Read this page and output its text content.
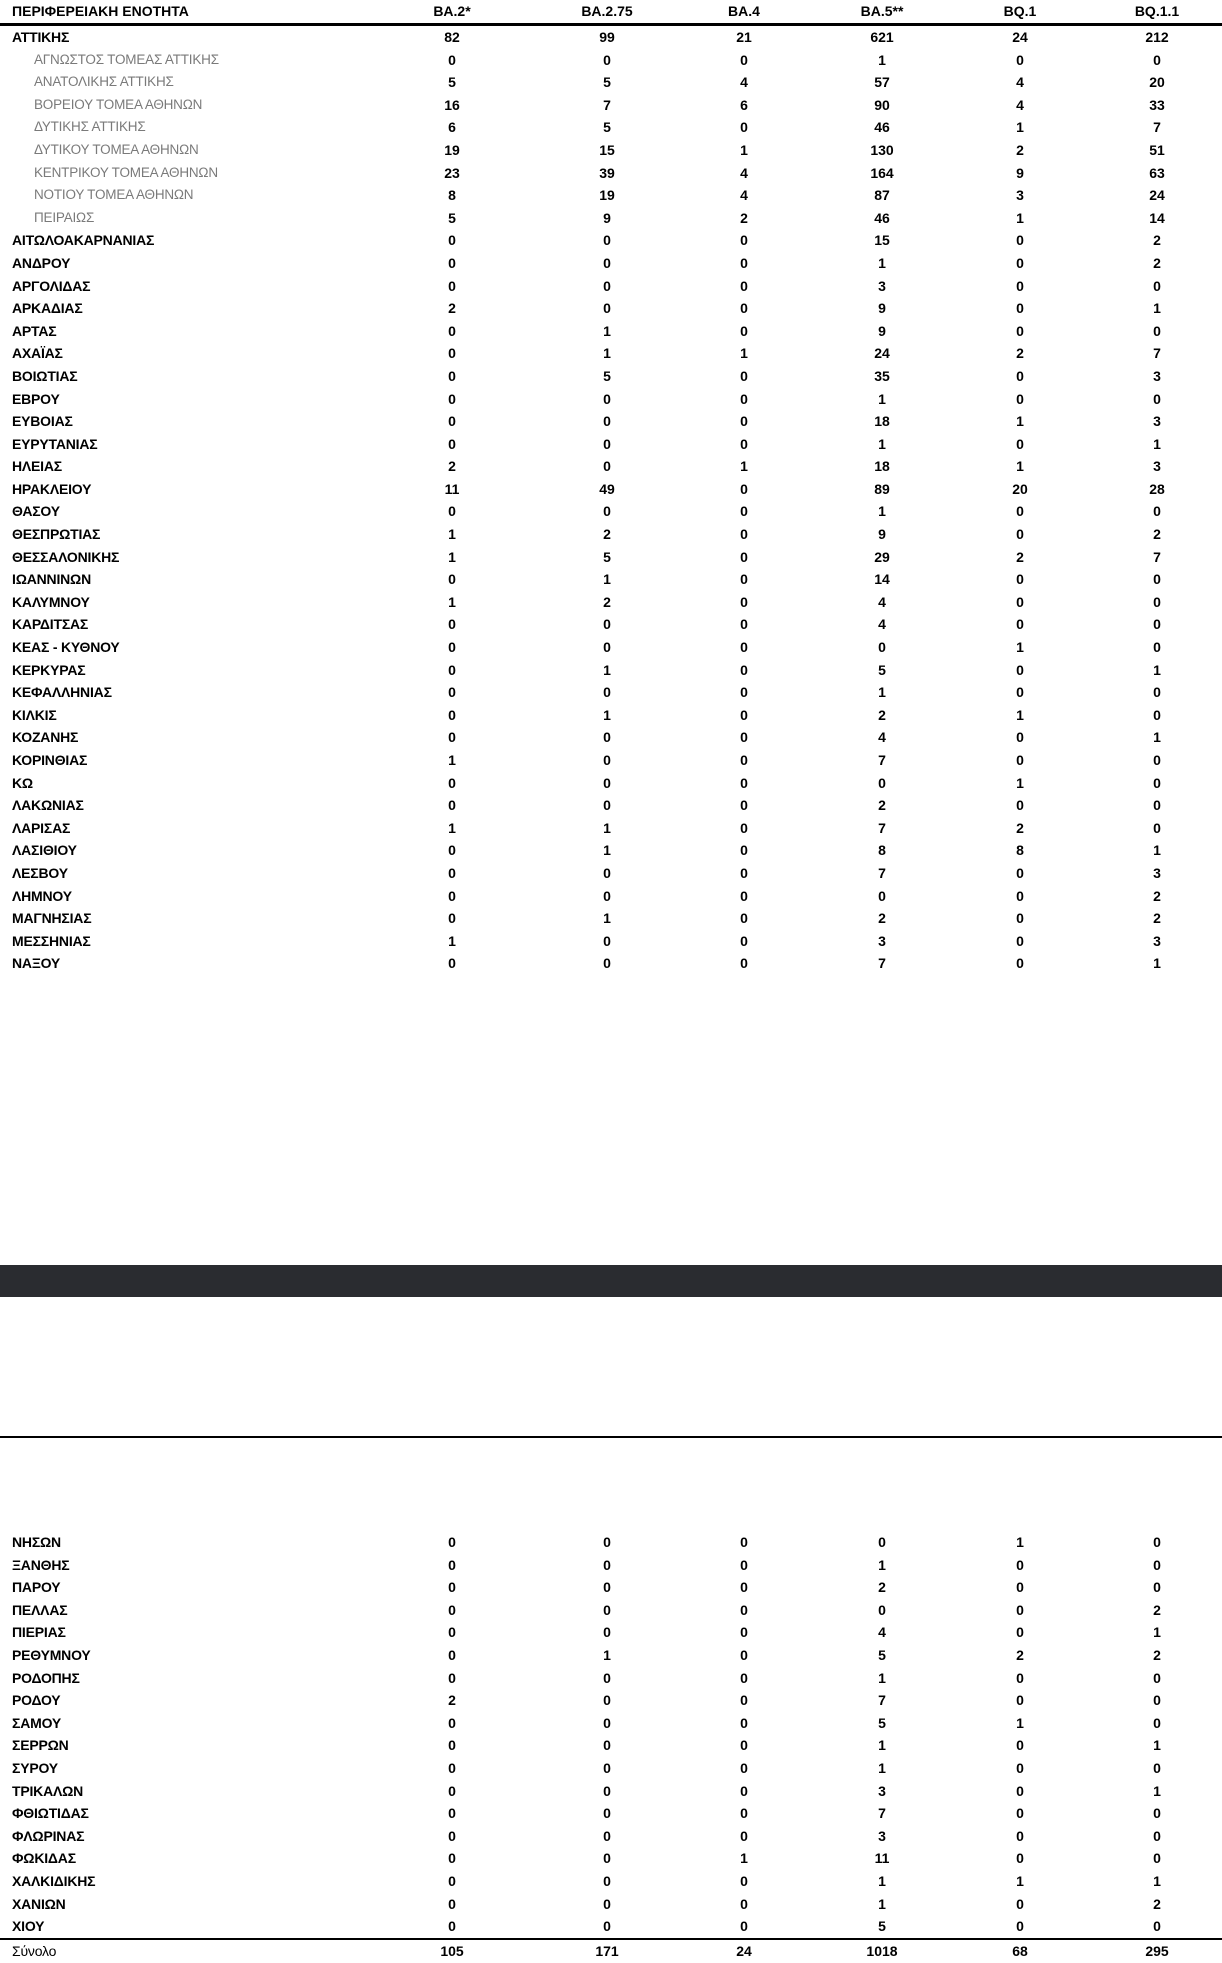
ΠΕΡΙΦΕΡΕΙΑΚΗ ΕΝΟΤΗΤΑ	BA.2*	BA.2.75	BA.4	BA.5**	BQ.1	BQ.1.1
ΑΤΤΙΚΗΣ	82	99	21	621	24	212
ΑΓΝΩΣΤΟΣ ΤΟΜΕΑΣ ΑΤΤΙΚΗΣ	0	0	0	1	0	0
ΑΝΑΤΟΛΙΚΗΣ ΑΤΤΙΚΗΣ	5	5	4	57	4	20
ΒΟΡΕΙΟΥ ΤΟΜΕΑ ΑΘΗΝΩΝ	16	7	6	90	4	33
ΔΥΤΙΚΗΣ ΑΤΤΙΚΗΣ	6	5	0	46	1	7
ΔΥΤΙΚΟΥ ΤΟΜΕΑ ΑΘΗΝΩΝ	19	15	1	130	2	51
ΚΕΝΤΡΙΚΟΥ ΤΟΜΕΑ ΑΘΗΝΩΝ	23	39	4	164	9	63
ΝΟΤΙΟΥ ΤΟΜΕΑ ΑΘΗΝΩΝ	8	19	4	87	3	24
ΠΕΙΡΑΙΩΣ	5	9	2	46	1	14
ΑΙΤΩΛΟΑΚΑΡΝΑΝΙΑΣ	0	0	0	15	0	2
ΑΝΔΡΟΥ	0	0	0	1	0	2
ΑΡΓΟΛΙΔΑΣ	0	0	0	3	0	0
ΑΡΚΑΔΙΑΣ	2	0	0	9	0	1
ΑΡΤΑΣ	0	1	0	9	0	0
ΑΧΑΪΑΣ	0	1	1	24	2	7
ΒΟΙΩΤΙΑΣ	0	5	0	35	0	3
ΕΒΡΟΥ	0	0	0	1	0	0
ΕΥΒΟΙΑΣ	0	0	0	18	1	3
ΕΥΡΥΤΑΝΙΑΣ	0	0	0	1	0	1
ΗΛΕΙΑΣ	2	0	1	18	1	3
ΗΡΑΚΛΕΙΟΥ	11	49	0	89	20	28
ΘΑΣΟΥ	0	0	0	1	0	0
ΘΕΣΠΡΩΤΙΑΣ	1	2	0	9	0	2
ΘΕΣΣΑΛΟΝΙΚΗΣ	1	5	0	29	2	7
ΙΩΑΝΝΙΝΩΝ	0	1	0	14	0	0
ΚΑΛΥΜΝΟΥ	1	2	0	4	0	0
ΚΑΡΔΙΤΣΑΣ	0	0	0	4	0	0
ΚΕΑΣ - ΚΥΘΝΟΥ	0	0	0	0	1	0
ΚΕΡΚΥΡΑΣ	0	1	0	5	0	1
ΚΕΦΑΛΛΗΝΙΑΣ	0	0	0	1	0	0
ΚΙΛΚΙΣ	0	1	0	2	1	0
ΚΟΖΑΝΗΣ	0	0	0	4	0	1
ΚΟΡΙΝΘΙΑΣ	1	0	0	7	0	0
ΚΩ	0	0	0	0	1	0
ΛΑΚΩΝΙΑΣ	0	0	0	2	0	0
ΛΑΡΙΣΑΣ	1	1	0	7	2	0
ΛΑΣΙΘΙΟΥ	0	1	0	8	8	1
ΛΕΣΒΟΥ	0	0	0	7	0	3
ΛΗΜΝΟΥ	0	0	0	0	0	2
ΜΑΓΝΗΣΙΑΣ	0	1	0	2	0	2
ΜΕΣΣΗΝΙΑΣ	1	0	0	3	0	3
ΝΑΞΟΥ	0	0	0	7	0	1
ΝΗΣΩΝ	0	0	0	0	1	0
ΞΑΝΘΗΣ	0	0	0	1	0	0
ΠΑΡΟΥ	0	0	0	2	0	0
ΠΕΛΛΑΣ	0	0	0	0	0	2
ΠΙΕΡΙΑΣ	0	0	0	4	0	1
ΡΕΘΥΜΝΟΥ	0	1	0	5	2	2
ΡΟΔΟΠΗΣ	0	0	0	1	0	0
ΡΟΔΟΥ	2	0	0	7	0	0
ΣΑΜΟΥ	0	0	0	5	1	0
ΣΕΡΡΩΝ	0	0	0	1	0	1
ΣΥΡΟΥ	0	0	0	1	0	0
ΤΡΙΚΑΛΩΝ	0	0	0	3	0	1
ΦΘΙΩΤΙΔΑΣ	0	0	0	7	0	0
ΦΛΩΡΙΝΑΣ	0	0	0	3	0	0
ΦΩΚΙΔΑΣ	0	0	1	11	0	0
ΧΑΛΚΙΔΙΚΗΣ	0	0	0	1	1	1
ΧΑΝΙΩΝ	0	0	0	1	0	2
ΧΙΟΥ	0	0	0	5	0	0
Σύνολο	105	171	24	1018	68	295
